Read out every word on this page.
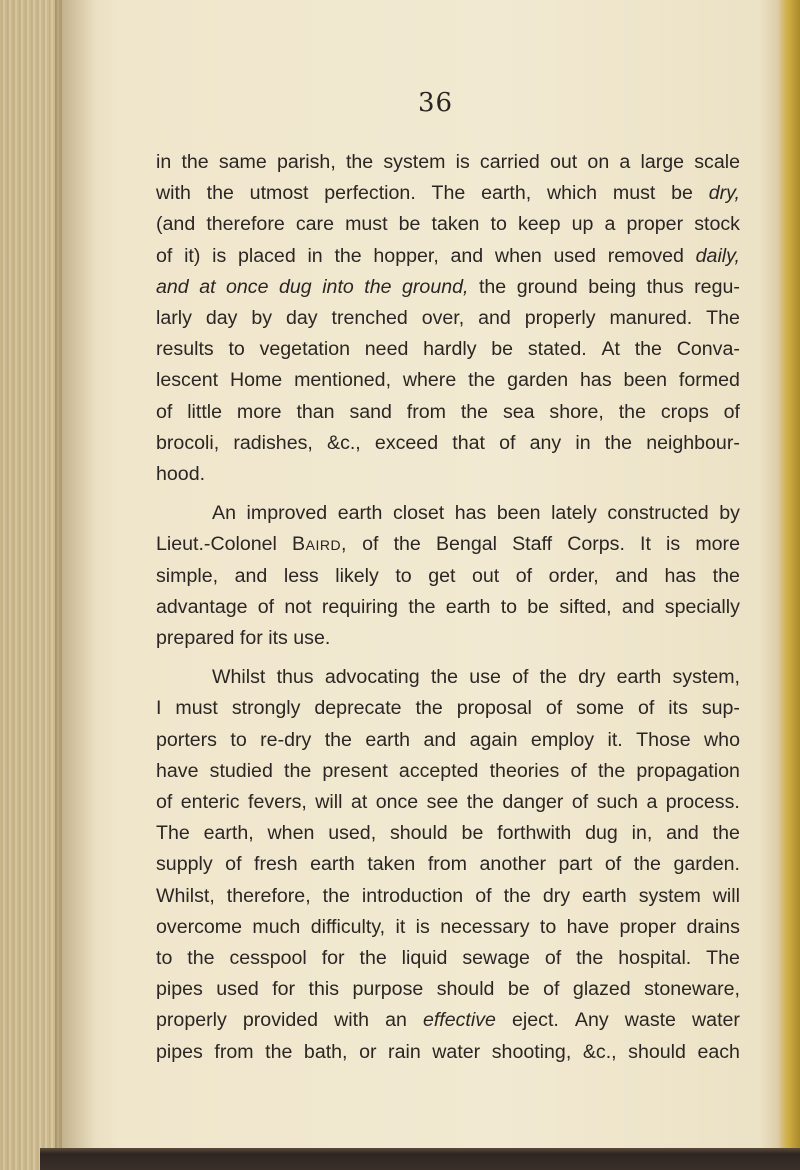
36
in the same parish, the system is carried out on a large scale
with the utmost perfection. The earth, which must be dry,
(and therefore care must be taken to keep up a proper stock
of it) is placed in the hopper, and when used removed daily,
and at once dug into the ground, the ground being thus regu-
larly day by day trenched over, and properly manured. The
results to vegetation need hardly be stated. At the Conva-
lescent Home mentioned, where the garden has been formed
of little more than sand from the sea shore, the crops of
brocoli, radishes, &c., exceed that of any in the neighbour-
hood.
An improved earth closet has been lately constructed by
Lieut.-Colonel Baird, of the Bengal Staff Corps. It is more
simple, and less likely to get out of order, and has the
advantage of not requiring the earth to be sifted, and specially
prepared
for
its
use.
Whilst thus advocating the use of the dry earth system,
I must strongly deprecate the proposal of some of its sup-
porters to re-dry the earth and again employ it. Those who
have studied the present accepted theories of the propagation
of enteric fevers, will at once see the danger of such a process.
The earth, when used, should be forthwith dug in, and the
supply of fresh earth taken from another part of the garden.
Whilst, therefore, the introduction of the dry earth system will
overcome much difficulty, it is necessary to have proper drains
to the cesspool for the liquid sewage of the hospital. The
pipes used for this purpose should be of glazed stoneware,
properly provided with an effective eject. Any waste water
pipes from the bath, or rain water shooting, &c., should each
